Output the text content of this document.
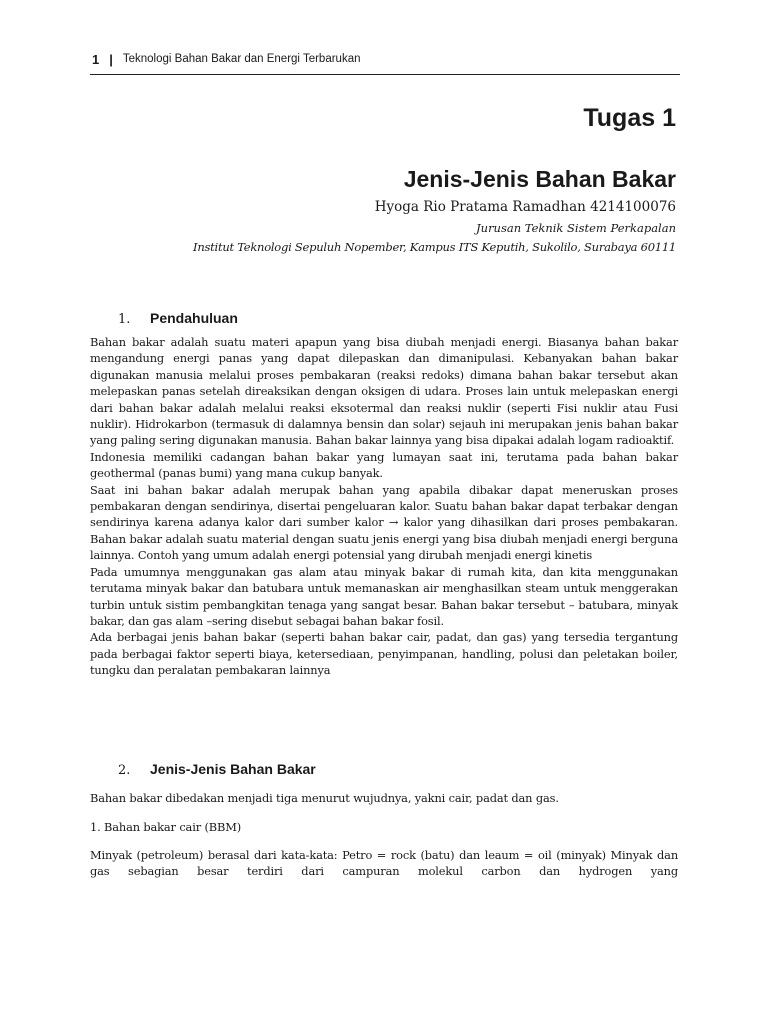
1 | Teknologi Bahan Bakar dan Energi Terbarukan
Tugas 1
Jenis-Jenis Bahan Bakar
Hyoga Rio Pratama Ramadhan 4214100076
Jurusan Teknik Sistem Perkapalan
Institut Teknologi Sepuluh Nopember, Kampus ITS Keputih, Sukolilo, Surabaya 60111
1.	Pendahuluan

Bahan bakar adalah suatu materi apapun yang bisa diubah menjadi energi. Biasanya bahan bakar mengandung energi panas yang dapat dilepaskan dan dimanipulasi. Kebanyakan bahan bakar digunakan manusia melalui proses pembakaran (reaksi redoks) dimana bahan bakar tersebut akan melepaskan panas setelah direaksikan dengan oksigen di udara. Proses lain untuk melepaskan energi dari bahan bakar adalah melalui reaksi eksotermal dan reaksi nuklir (seperti Fisi nuklir atau Fusi nuklir). Hidrokarbon (termasuk di dalamnya bensin dan solar) sejauh ini merupakan jenis bahan bakar yang paling sering digunakan manusia. Bahan bakar lainnya yang bisa dipakai adalah logam radioaktif.

Indonesia memiliki cadangan bahan bakar yang lumayan saat ini, terutama pada bahan bakar geothermal (panas bumi) yang mana cukup banyak.

Saat ini bahan bakar adalah merupak bahan yang apabila dibakar dapat meneruskan proses pembakaran dengan sendirinya, disertai pengeluaran kalor. Suatu bahan bakar dapat terbakar dengan sendirinya karena adanya kalor dari sumber kalor → kalor yang dihasilkan dari proses pembakaran. Bahan bakar adalah suatu material dengan suatu jenis energi yang bisa diubah menjadi energi berguna lainnya. Contoh yang umum adalah energi potensial yang dirubah menjadi energi kinetis

Pada umumnya menggunakan gas alam atau minyak bakar di rumah kita, dan kita menggunakan terutama minyak bakar dan batubara untuk memanaskan air menghasilkan steam untuk menggerakan turbin untuk sistim pembangkitan tenaga yang sangat besar. Bahan bakar tersebut – batubara, minyak bakar, dan gas alam –sering disebut sebagai bahan bakar fosil.

Ada berbagai jenis bahan bakar (seperti bahan bakar cair, padat, dan gas) yang tersedia tergantung pada berbagai faktor seperti biaya, ketersediaan, penyimpanan, handling, polusi dan peletakan boiler, tungku dan peralatan pembakaran lainnya

2.	Jenis-Jenis Bahan Bakar
Bahan bakar dibedakan menjadi tiga menurut wujudnya, yakni cair, padat dan gas.
1. Bahan bakar cair (BBM)
Minyak (petroleum) berasal dari kata-kata: Petro = rock (batu) dan leaum = oil (minyak) Minyak dan gas sebagian besar terdiri dari campuran molekul carbon dan hydrogen yang
